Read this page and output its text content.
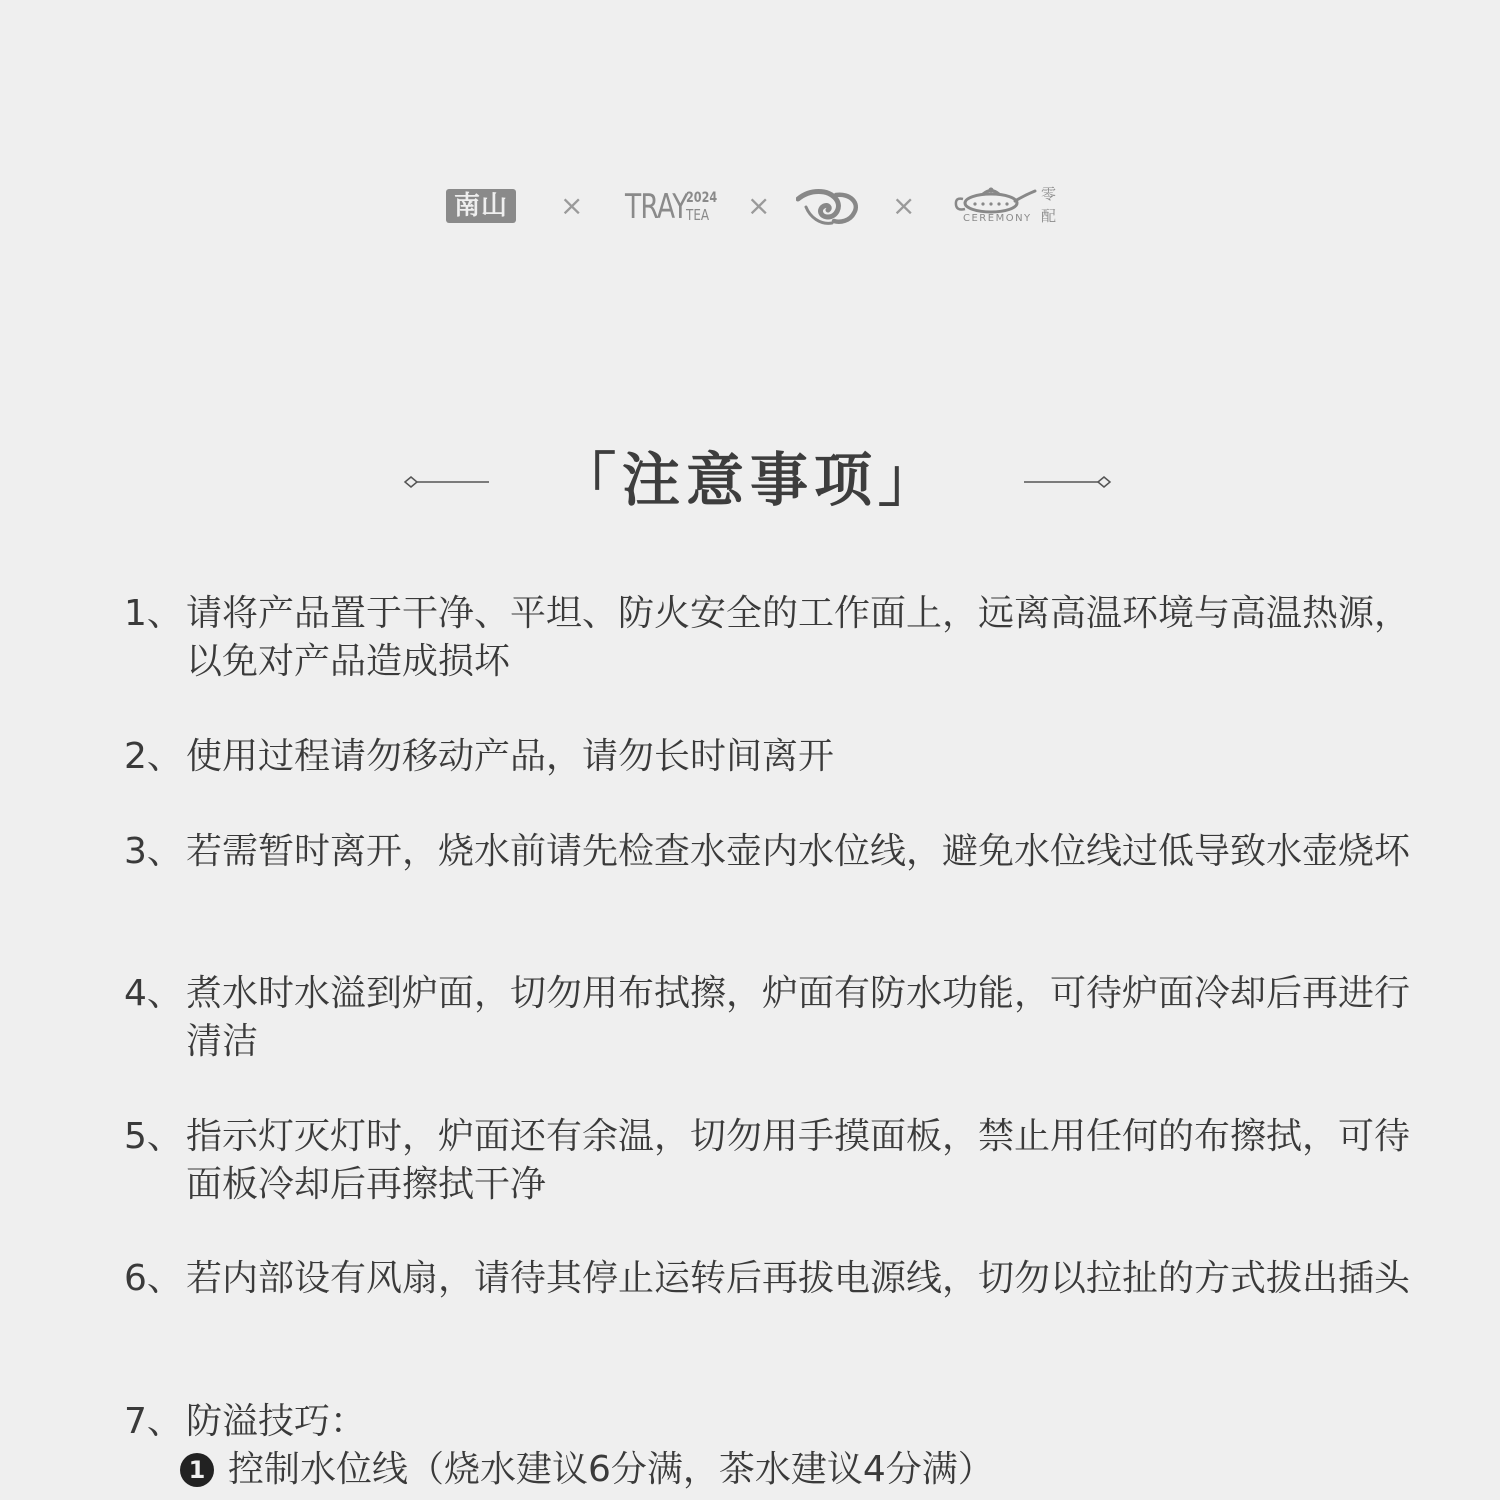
南山 × TRAY
2024
TEA ×	×	CEREMONY
零配
「注意事项」
1、 请将产品置于干净、平坦、防火安全的工作面上，远离高温环境与高温热源，以免对产品造成损坏
2、 使用过程请勿移动产品，请勿长时间离开
3、 若需暂时离开，烧水前请先检查水壶内水位线，避免水位线过低导致水壶烧坏
4、 煮水时水溢到炉面，切勿用布拭擦，炉面有防水功能，可待炉面冷却后再进行清洁
5、 指示灯灭灯时，炉面还有余温，切勿用手摸面板，禁止用任何的布擦拭，可待面板冷却后再擦拭干净
6、 若内部设有风扇，请待其停止运转后再拔电源线，切勿以拉扯的方式拔出插头
7、 防溢技巧：
1 控制水位线（烧水建议6分满，茶水建议4分满）
